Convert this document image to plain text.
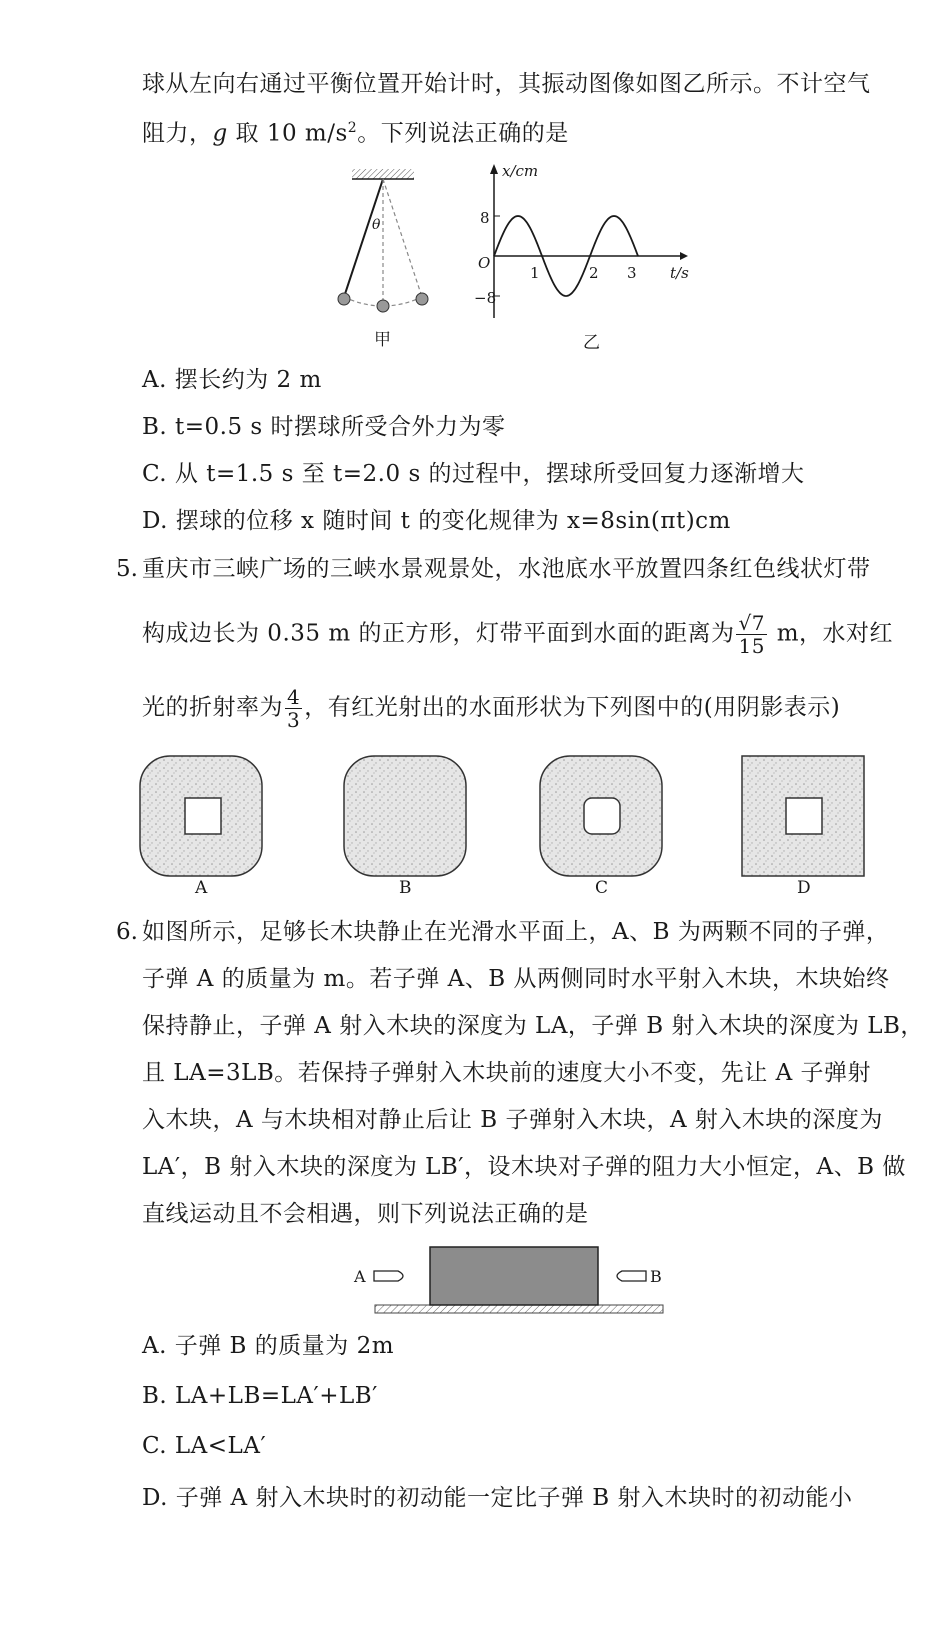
球从左向右通过平衡位置开始计时，其振动图像如图乙所示。不计空气
阻力，g 取 10 $m/s^2$。下列说法正确的是
θ
甲
x/cm
t/s
O
8
−8
1	2 3
乙
A. 摆长约为 2 m
B. t=0.5 s 时摆球所受合外力为零
C. 从 t=1.5 s 至 t=2.0 s 的过程中，摆球所受回复力逐渐增大
D. 摆球的位移 x 随时间 t 的变化规律为 x=8sin(πt)cm
5. 重庆市三峡广场的三峡水景观景处，水池底水平放置四条红色线状灯带
构成边长为 0.35 m 的正方形，灯带平面到水面的距离为 $\frac{√7}{15}$ m，水对红
光的折射率为 $\frac{4}{3}$ ，有红光射出的水面形状为下列图中的(用阴影表示)
A	B	C	D
6. 如图所示，足够长木块静止在光滑水平面上，A、B 为两颗不同的子弹，
子弹 A 的质量为 m。若子弹 A、B 从两侧同时水平射入木块，木块始终
保持静止，子弹 A 射入木块的深度为 LA，子弹 B 射入木块的深度为 LB，
且 LA=3LB。若保持子弹射入木块前的速度大小不变，先让 A 子弹射
入木块，A 与木块相对静止后让 B 子弹射入木块，A 射入木块的深度为
LA′，B 射入木块的深度为 LB′，设木块对子弹的阻力大小恒定，A、B 做
直线运动且不会相遇，则下列说法正确的是
A	B
A. 子弹 B 的质量为 2m
B. LA+LB=LA′+LB′
C. LA<LA′
D. 子弹 A 射入木块时的初动能一定比子弹 B 射入木块时的初动能小
